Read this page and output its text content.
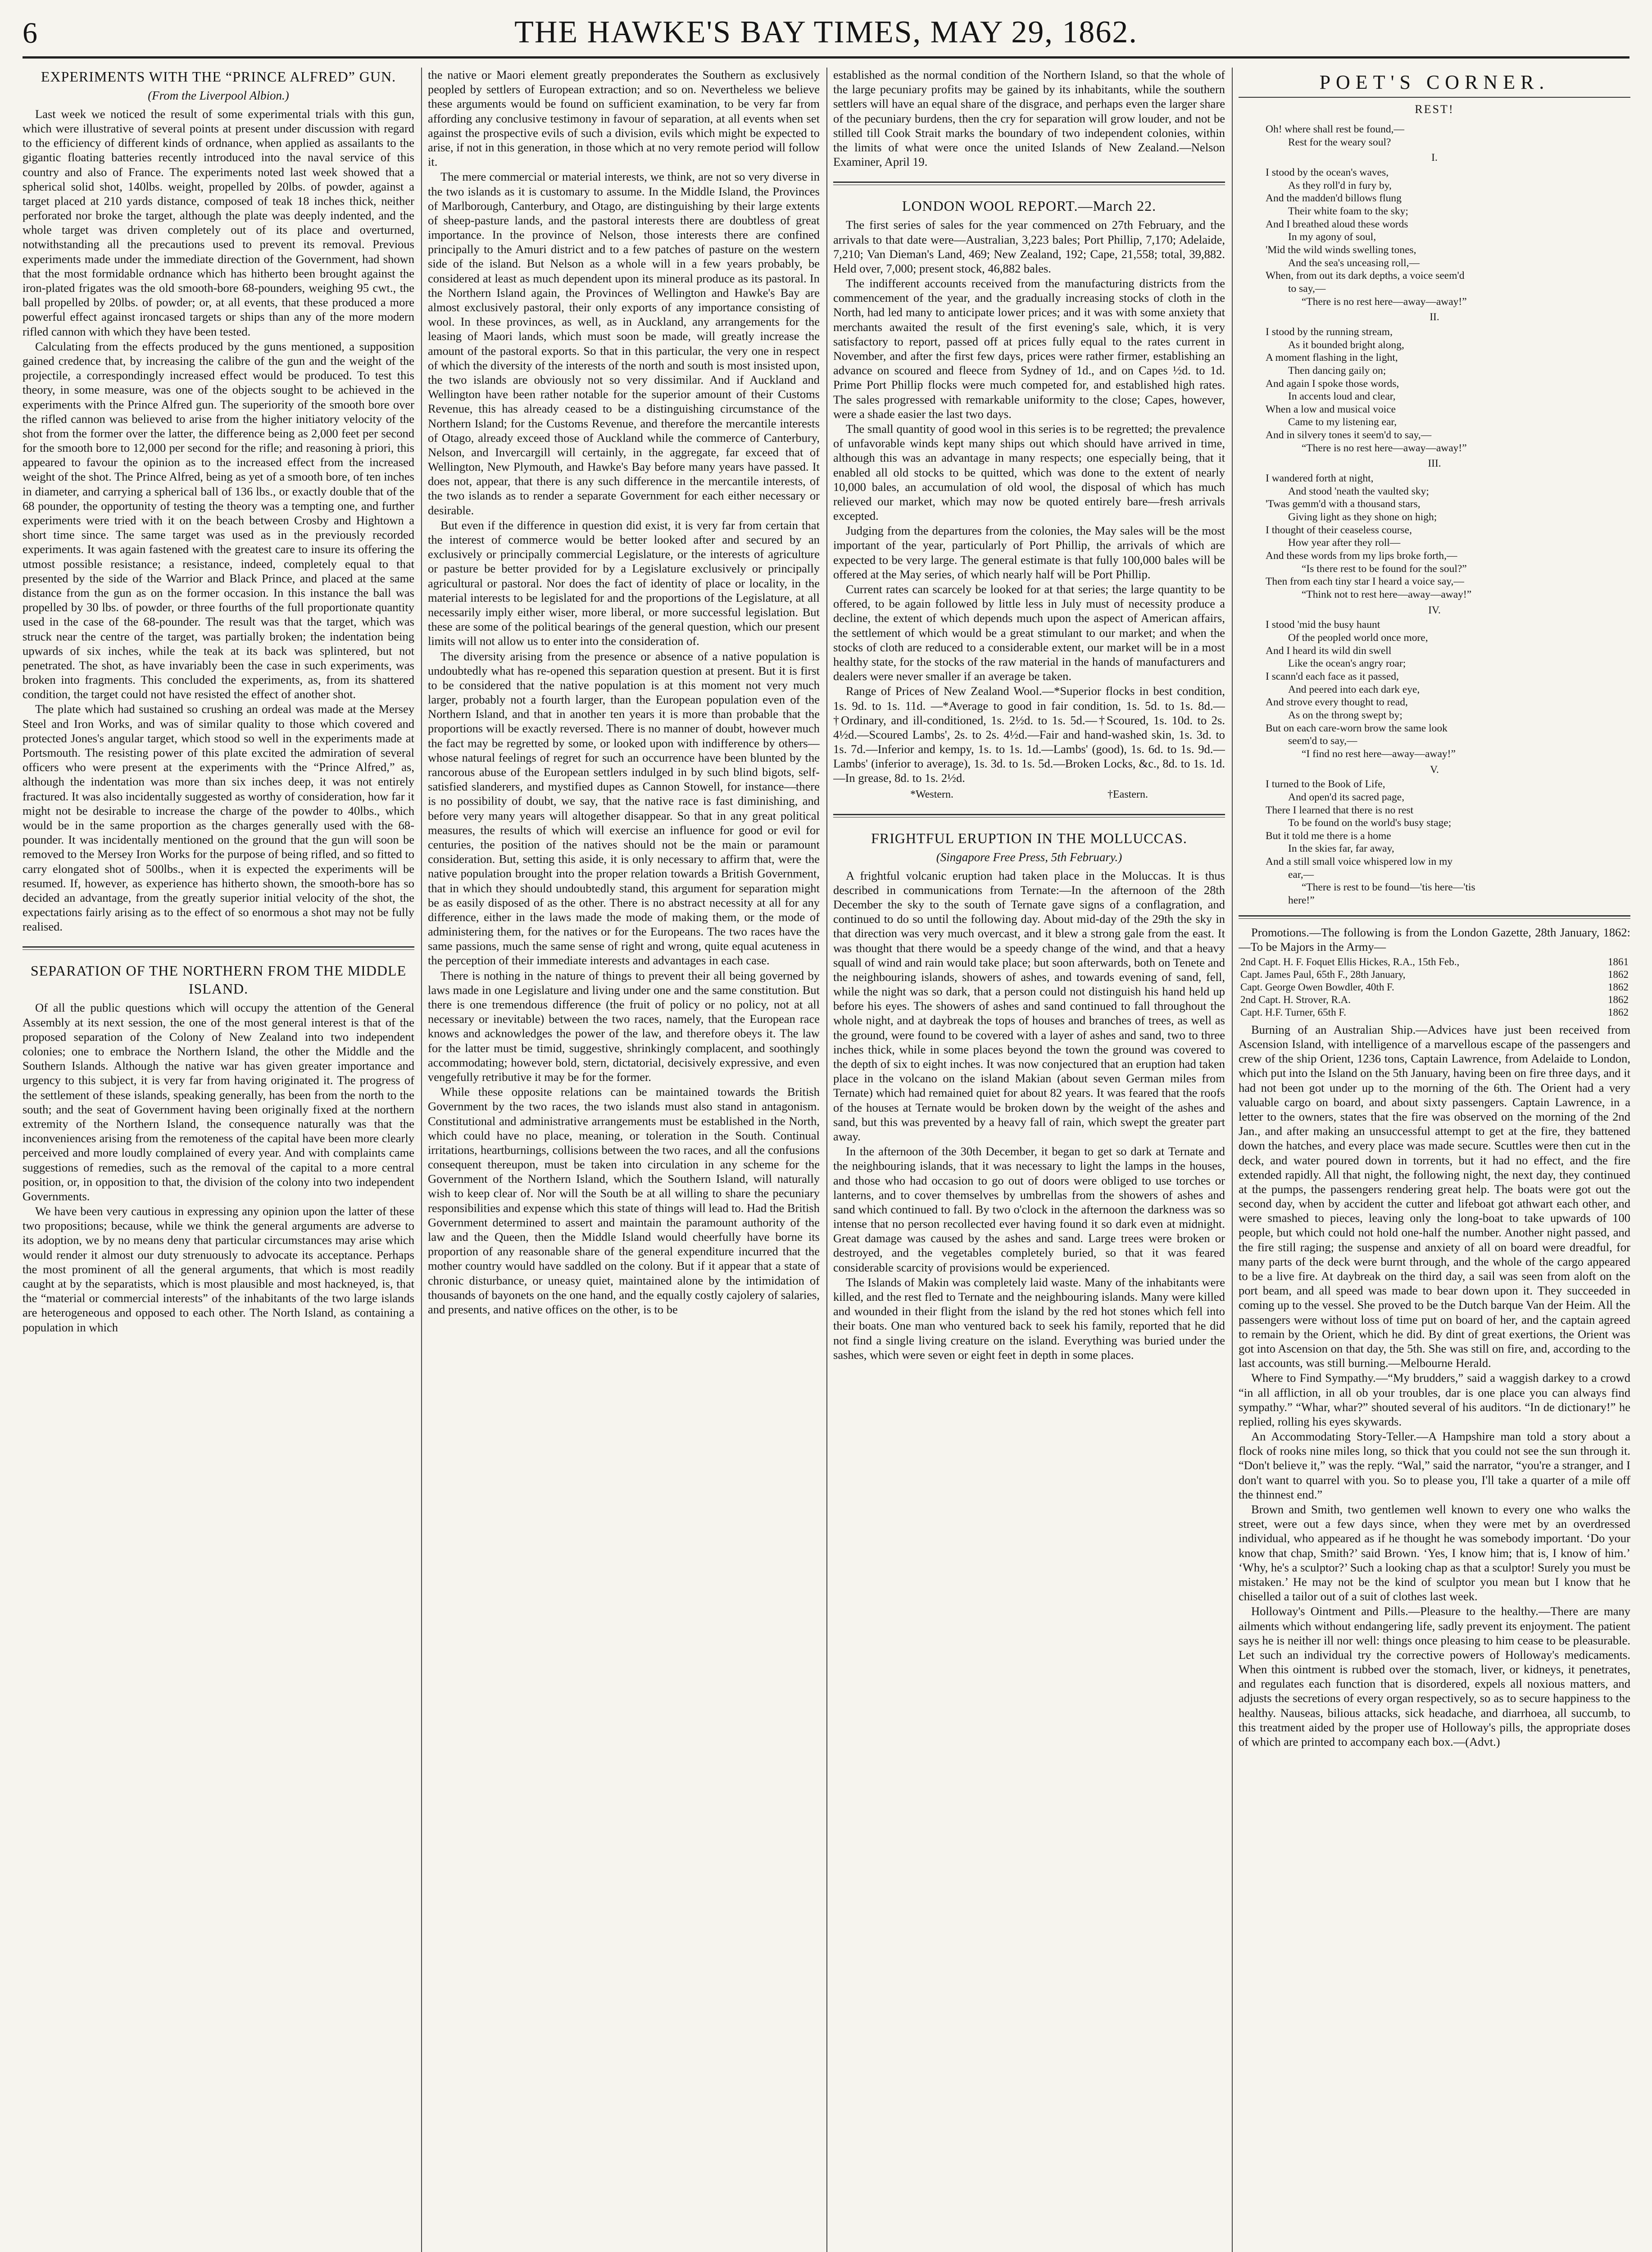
6	THE HAWKE'S BAY TIMES, MAY 29, 1862.
EXPERIMENTS WITH THE “PRINCE ALFRED” GUN.
(From the Liverpool Albion.)

Last week we noticed the result of some experimental trials with this gun, which were illustrative of several points at present under discussion with regard to the efficiency of different kinds of ordnance, when applied as assailants to the gigantic floating batteries recently introduced into the naval service of this country and also of France. The experiments noted last week showed that a spherical solid shot, 140lbs. weight, propelled by 20lbs. of powder, against a target placed at 210 yards distance, composed of teak 18 inches thick, neither perforated nor broke the target, although the plate was deeply indented, and the whole target was driven completely out of its place and overturned, notwithstanding all the precautions used to prevent its removal. Previous experiments made under the immediate direction of the Government, had shown that the most formidable ordnance which has hitherto been brought against the iron-plated frigates was the old smooth-bore 68-pounders, weighing 95 cwt., the ball propelled by 20lbs. of powder; or, at all events, that these produced a more powerful effect against ironcased targets or ships than any of the more modern rifled cannon with which they have been tested.

Calculating from the effects produced by the guns mentioned, a supposition gained credence that, by increasing the calibre of the gun and the weight of the projectile, a correspondingly increased effect would be produced. To test this theory, in some measure, was one of the objects sought to be achieved in the experiments with the Prince Alfred gun. The superiority of the smooth bore over the rifled cannon was believed to arise from the higher initiatory velocity of the shot from the former over the latter, the difference being as 2,000 feet per second for the smooth bore to 12,000 per second for the rifle; and reasoning à priori, this appeared to favour the opinion as to the increased effect from the increased weight of the shot. The Prince Alfred, being as yet of a smooth bore, of ten inches in diameter, and carrying a spherical ball of 136 lbs., or exactly double that of the 68 pounder, the opportunity of testing the theory was a tempting one, and further experiments were tried with it on the beach between Crosby and Hightown a short time since. The same target was used as in the previously recorded experiments. It was again fastened with the greatest care to insure its offering the utmost possible resistance; a resistance, indeed, completely equal to that presented by the side of the Warrior and Black Prince, and placed at the same distance from the gun as on the former occasion. In this instance the ball was propelled by 30 lbs. of powder, or three fourths of the full proportionate quantity used in the case of the 68-pounder. The result was that the target, which was struck near the centre of the target, was partially broken; the indentation being upwards of six inches, while the teak at its back was splintered, but not penetrated. The shot, as have invariably been the case in such experiments, was broken into fragments. This concluded the experiments, as, from its shattered condition, the target could not have resisted the effect of another shot.

The plate which had sustained so crushing an ordeal was made at the Mersey Steel and Iron Works, and was of similar quality to those which covered and protected Jones's angular target, which stood so well in the experiments made at Portsmouth. The resisting power of this plate excited the admiration of several officers who were present at the experiments with the “Prince Alfred,” as, although the indentation was more than six inches deep, it was not entirely fractured. It was also incidentally suggested as worthy of consideration, how far it might not be desirable to increase the charge of the powder to 40lbs., which would be in the same proportion as the charges generally used with the 68-pounder. It was incidentally mentioned on the ground that the gun will soon be removed to the Mersey Iron Works for the purpose of being rifled, and so fitted to carry elongated shot of 500lbs., when it is expected the experiments will be resumed. If, however, as experience has hitherto shown, the smooth-bore has so decided an advantage, from the greatly superior initial velocity of the shot, the expectations fairly arising as to the effect of so enormous a shot may not be fully realised.

SEPARATION OF THE NORTHERN FROM THE MIDDLE ISLAND.

Of all the public questions which will occupy the attention of the General Assembly at its next session, the one of the most general interest is that of the proposed separation of the Colony of New Zealand into two independent colonies; one to embrace the Northern Island, the other the Middle and the Southern Islands. Although the native war has given greater importance and urgency to this subject, it is very far from having originated it. The progress of the settlement of these islands, speaking generally, has been from the north to the south; and the seat of Government having been originally fixed at the northern extremity of the Northern Island, the consequence naturally was that the inconveniences arising from the remoteness of the capital have been more clearly perceived and more loudly complained of every year. And with complaints came suggestions of remedies, such as the removal of the capital to a more central position, or, in opposition to that, the division of the colony into two independent Governments.

We have been very cautious in expressing any opinion upon the latter of these two propositions; because, while we think the general arguments are adverse to its adoption, we by no means deny that particular circumstances may arise which would render it almost our duty strenuously to advocate its acceptance. Perhaps the most prominent of all the general arguments, that which is most readily caught at by the separatists, which is most plausible and most hackneyed, is, that the “material or commercial interests” of the inhabitants of the two large islands are heterogeneous and opposed to each other. The North Island, as containing a population in which

the native or Maori element greatly preponderates the Southern as exclusively peopled by settlers of European extraction; and so on. Nevertheless we believe these arguments would be found on sufficient examination, to be very far from affording any conclusive testimony in favour of separation, at all events when set against the prospective evils of such a division, evils which might be expected to arise, if not in this generation, in those which at no very remote period will follow it.

The mere commercial or material interests, we think, are not so very diverse in the two islands as it is customary to assume. In the Middle Island, the Provinces of Marlborough, Canterbury, and Otago, are distinguishing by their large extents of sheep-pasture lands, and the pastoral interests there are doubtless of great importance. In the province of Nelson, those interests there are confined principally to the Amuri district and to a few patches of pasture on the western side of the island. But Nelson as a whole will in a few years probably, be considered at least as much dependent upon its mineral produce as its pastoral. In the Northern Island again, the Provinces of Wellington and Hawke's Bay are almost exclusively pastoral, their only exports of any importance consisting of wool. In these provinces, as well, as in Auckland, any arrangements for the leasing of Maori lands, which must soon be made, will greatly increase the amount of the pastoral exports. So that in this particular, the very one in respect of which the diversity of the interests of the north and south is most insisted upon, the two islands are obviously not so very dissimilar. And if Auckland and Wellington have been rather notable for the superior amount of their Customs Revenue, this has already ceased to be a distinguishing circumstance of the Northern Island; for the Customs Revenue, and therefore the mercantile interests of Otago, already exceed those of Auckland while the commerce of Canterbury, Nelson, and Invercargill will certainly, in the aggregate, far exceed that of Wellington, New Plymouth, and Hawke's Bay before many years have passed. It does not, appear, that there is any such difference in the mercantile interests, of the two islands as to render a separate Government for each either necessary or desirable.

But even if the difference in question did exist, it is very far from certain that the interest of commerce would be better looked after and secured by an exclusively or principally commercial Legislature, or the interests of agriculture or pasture be better provided for by a Legislature exclusively or principally agricultural or pastoral. Nor does the fact of identity of place or locality, in the material interests to be legislated for and the proportions of the Legislature, at all necessarily imply either wiser, more liberal, or more successful legislation. But these are some of the political bearings of the general question, which our present limits will not allow us to enter into the consideration of.

The diversity arising from the presence or absence of a native population is undoubtedly what has re-opened this separation question at present. But it is first to be considered that the native population is at this moment not very much larger, probably not a fourth larger, than the European population even of the Northern Island, and that in another ten years it is more than probable that the proportions will be exactly reversed. There is no manner of doubt, however much the fact may be regretted by some, or looked upon with indifference by others—whose natural feelings of regret for such an occurrence have been blunted by the rancorous abuse of the European settlers indulged in by such blind bigots, self-satisfied slanderers, and mystified dupes as Cannon Stowell, for instance—there is no possibility of doubt, we say, that the native race is fast diminishing, and before very many years will altogether disappear. So that in any great political measures, the results of which will exercise an influence for good or evil for centuries, the position of the natives should not be the main or paramount consideration. But, setting this aside, it is only necessary to affirm that, were the native population brought into the proper relation towards a British Government, that in which they should undoubtedly stand, this argument for separation might be as easily disposed of as the other. There is no abstract necessity at all for any difference, either in the laws made the mode of making them, or the mode of administering them, for the natives or for the Europeans. The two races have the same passions, much the same sense of right and wrong, quite equal acuteness in the perception of their immediate interests and advantages in each case.

There is nothing in the nature of things to prevent their all being governed by laws made in one Legislature and living under one and the same constitution. But there is one tremendous difference (the fruit of policy or no policy, not at all necessary or inevitable) between the two races, namely, that the European race knows and acknowledges the power of the law, and therefore obeys it. The law for the latter must be timid, suggestive, shrinkingly complacent, and soothingly accommodating; however bold, stern, dictatorial, decisively expressive, and even vengefully retributive it may be for the former.

While these opposite relations can be maintained towards the British Government by the two races, the two islands must also stand in antagonism. Constitutional and administrative arrangements must be established in the North, which could have no place, meaning, or toleration in the South. Continual irritations, heartburnings, collisions between the two races, and all the confusions consequent thereupon, must be taken into circulation in any scheme for the Government of the Northern Island, which the Southern Island, will naturally wish to keep clear of. Nor will the South be at all willing to share the pecuniary responsibilities and expense which this state of things will lead to. Had the British Government determined to assert and maintain the paramount authority of the law and the Queen, then the Middle Island would cheerfully have borne its proportion of any reasonable share of the general expenditure incurred that the mother country would have saddled on the colony. But if it appear that a state of chronic disturbance, or uneasy quiet, maintained alone by the intimidation of thousands of bayonets on the one hand, and the equally costly cajolery of salaries, and presents, and native offices on the other, is to be

established as the normal condition of the Northern Island, so that the whole of the large pecuniary profits may be gained by its inhabitants, while the southern settlers will have an equal share of the disgrace, and perhaps even the larger share of the pecuniary burdens, then the cry for separation will grow louder, and not be stilled till Cook Strait marks the boundary of two independent colonies, within the limits of what were once the united Islands of New Zealand.—Nelson Examiner, April 19.

LONDON WOOL REPORT.—March 22.

The first series of sales for the year commenced on 27th February, and the arrivals to that date were—Australian, 3,223 bales; Port Phillip, 7,170; Adelaide, 7,210; Van Dieman's Land, 469; New Zealand, 192; Cape, 21,558; total, 39,882. Held over, 7,000; present stock, 46,882 bales.

The indifferent accounts received from the manufacturing districts from the commencement of the year, and the gradually increasing stocks of cloth in the North, had led many to anticipate lower prices; and it was with some anxiety that merchants awaited the result of the first evening's sale, which, it is very satisfactory to report, passed off at prices fully equal to the rates current in November, and after the first few days, prices were rather firmer, establishing an advance on scoured and fleece from Sydney of 1d., and on Capes ½d. to 1d. Prime Port Phillip flocks were much competed for, and established high rates. The sales progressed with remarkable uniformity to the close; Capes, however, were a shade easier the last two days.

The small quantity of good wool in this series is to be regretted; the prevalence of unfavorable winds kept many ships out which should have arrived in time, although this was an advantage in many respects; one especially being, that it enabled all old stocks to be quitted, which was done to the extent of nearly 10,000 bales, an accumulation of old wool, the disposal of which has much relieved our market, which may now be quoted entirely bare—fresh arrivals excepted.

Judging from the departures from the colonies, the May sales will be the most important of the year, particularly of Port Phillip, the arrivals of which are expected to be very large. The general estimate is that fully 100,000 bales will be offered at the May series, of which nearly half will be Port Phillip.

Current rates can scarcely be looked for at that series; the large quantity to be offered, to be again followed by little less in July must of necessity produce a decline, the extent of which depends much upon the aspect of American affairs, the settlement of which would be a great stimulant to our market; and when the stocks of cloth are reduced to a considerable extent, our market will be in a most healthy state, for the stocks of the raw material in the hands of manufacturers and dealers were never smaller if an average be taken.

Range of Prices of New Zealand Wool.—*Superior flocks in best condition, 1s. 9d. to 1s. 11d. —*Average to good in fair condition, 1s. 5d. to 1s. 8d.—†Ordinary, and ill-conditioned, 1s. 2½d. to 1s. 5d.—†Scoured, 1s. 10d. to 2s. 4½d.—Scoured Lambs', 2s. to 2s. 4½d.—Fair and hand-washed skin, 1s. 3d. to 1s. 7d.—Inferior and kempy, 1s. to 1s. 1d.—Lambs' (good), 1s. 6d. to 1s. 9d.—Lambs' (inferior to average), 1s. 3d. to 1s. 5d.—Broken Locks, &c., 8d. to 1s. 1d.—In grease, 8d. to 1s. 2½d.

*Western.	†Eastern.
FRIGHTFUL ERUPTION IN THE MOLLUCCAS.
(Singapore Free Press, 5th February.)

A frightful volcanic eruption had taken place in the Moluccas. It is thus described in communications from Ternate:—In the afternoon of the 28th December the sky to the south of Ternate gave signs of a conflagration, and continued to do so until the following day. About mid-day of the 29th the sky in that direction was very much overcast, and it blew a strong gale from the east. It was thought that there would be a speedy change of the wind, and that a heavy squall of wind and rain would take place; but soon afterwards, both on Tenete and the neighbouring islands, showers of ashes, and towards evening of sand, fell, while the night was so dark, that a person could not distinguish his hand held up before his eyes. The showers of ashes and sand continued to fall throughout the whole night, and at daybreak the tops of houses and branches of trees, as well as the ground, were found to be covered with a layer of ashes and sand, two to three inches thick, while in some places beyond the town the ground was covered to the depth of six to eight inches. It was now conjectured that an eruption had taken place in the volcano on the island Makian (about seven German miles from Ternate) which had remained quiet for about 82 years. It was feared that the roofs of the houses at Ternate would be broken down by the weight of the ashes and sand, but this was prevented by a heavy fall of rain, which swept the greater part away.

In the afternoon of the 30th December, it began to get so dark at Ternate and the neighbouring islands, that it was necessary to light the lamps in the houses, and those who had occasion to go out of doors were obliged to use torches or lanterns, and to cover themselves by umbrellas from the showers of ashes and sand which continued to fall. By two o'clock in the afternoon the darkness was so intense that no person recollected ever having found it so dark even at midnight. Great damage was caused by the ashes and sand. Large trees were broken or destroyed, and the vegetables completely buried, so that it was feared considerable scarcity of provisions would be experienced.

The Islands of Makin was completely laid waste. Many of the inhabitants were killed, and the rest fled to Ternate and the neighbouring islands. Many were killed and wounded in their flight from the island by the red hot stones which fell into their boats. One man who ventured back to seek his family, reported that he did not find a single living creature on the island. Everything was buried under the sashes, which were seven or eight feet in depth in some places.

POET'S CORNER.
REST!
Oh! where shall rest be found,—
Rest for the weary soul?
I.
I stood by the ocean's waves,
As they roll'd in fury by,
And the madden'd billows flung
Their white foam to the sky;
And I breathed aloud these words
In my agony of soul,
'Mid the wild winds swelling tones,
And the sea's unceasing roll,—
When, from out its dark depths, a voice seem'd
to say,—
“There is no rest here—away—away!”
II.
I stood by the running stream,
As it bounded bright along,
A moment flashing in the light,
Then dancing gaily on;
And again I spoke those words,
In accents loud and clear,
When a low and musical voice
Came to my listening ear,
And in silvery tones it seem'd to say,—
“There is no rest here—away—away!”
III.
I wandered forth at night,
And stood 'neath the vaulted sky;
'Twas gemm'd with a thousand stars,
Giving light as they shone on high;
I thought of their ceaseless course,
How year after they roll—
And these words from my lips broke forth,—
“Is there rest to be found for the soul?”
Then from each tiny star I heard a voice say,—
“Think not to rest here—away—away!”
IV.
I stood 'mid the busy haunt
Of the peopled world once more,
And I heard its wild din swell
Like the ocean's angry roar;
I scann'd each face as it passed,
And peered into each dark eye,
And strove every thought to read,
As on the throng swept by;
But on each care-worn brow the same look
seem'd to say,—
“I find no rest here—away—away!”
V.
I turned to the Book of Life,
And open'd its sacred page,
There I learned that there is no rest
To be found on the world's busy stage;
But it told me there is a home
In the skies far, far away,
And a still small voice whispered low in my
ear,—
“There is rest to be found—'tis here—'tis
here!”

Promotions.—The following is from the London Gazette, 28th January, 1862:—To be Majors in the Army—

2nd Capt. H. F. Foquet Ellis Hickes, R.A., 15th Feb.,	1861
Capt. James Paul, 65th F., 28th January,	1862
Capt. George Owen Bowdler, 40th F.	1862
2nd Capt. H. Strover, R.A.	1862
Capt. H.F. Turner, 65th F.	1862

Burning of an Australian Ship.—Advices have just been received from Ascension Island, with intelligence of a marvellous escape of the passengers and crew of the ship Orient, 1236 tons, Captain Lawrence, from Adelaide to London, which put into the Island on the 5th January, having been on fire three days, and it had not been got under up to the morning of the 6th. The Orient had a very valuable cargo on board, and about sixty passengers. Captain Lawrence, in a letter to the owners, states that the fire was observed on the morning of the 2nd Jan., and after making an unsuccessful attempt to get at the fire, they battened down the hatches, and every place was made secure. Scuttles were then cut in the deck, and water poured down in torrents, but it had no effect, and the fire extended rapidly. All that night, the following night, the next day, they continued at the pumps, the passengers rendering great help. The boats were got out the second day, when by accident the cutter and lifeboat got athwart each other, and were smashed to pieces, leaving only the long-boat to take upwards of 100 people, but which could not hold one-half the number. Another night passed, and the fire still raging; the suspense and anxiety of all on board were dreadful, for many parts of the deck were burnt through, and the whole of the cargo appeared to be a live fire. At daybreak on the third day, a sail was seen from aloft on the port beam, and all speed was made to bear down upon it. They succeeded in coming up to the vessel. She proved to be the Dutch barque Van der Heim. All the passengers were without loss of time put on board of her, and the captain agreed to remain by the Orient, which he did. By dint of great exertions, the Orient was got into Ascension on that day, the 5th. She was still on fire, and, according to the last accounts, was still burning.—Melbourne Herald.

Where to Find Sympathy.—“My brudders,” said a waggish darkey to a crowd “in all affliction, in all ob your troubles, dar is one place you can always find sympathy.” “Whar, whar?” shouted several of his auditors. “In de dictionary!” he replied, rolling his eyes skywards.

An Accommodating Story-Teller.—A Hampshire man told a story about a flock of rooks nine miles long, so thick that you could not see the sun through it. “Don't believe it,” was the reply. “Wal,” said the narrator, “you're a stranger, and I don't want to quarrel with you. So to please you, I'll take a quarter of a mile off the thinnest end.”

Brown and Smith, two gentlemen well known to every one who walks the street, were out a few days since, when they were met by an overdressed individual, who appeared as if he thought he was somebody important. ‘Do your know that chap, Smith?’ said Brown. ‘Yes, I know him; that is, I know of him.’ ‘Why, he's a sculptor?’ Such a looking chap as that a sculptor! Surely you must be mistaken.’ He may not be the kind of sculptor you mean but I know that he chiselled a tailor out of a suit of clothes last week.

Holloway's Ointment and Pills.—Pleasure to the healthy.—There are many ailments which without endangering life, sadly prevent its enjoyment. The patient says he is neither ill nor well: things once pleasing to him cease to be pleasurable. Let such an individual try the corrective powers of Holloway's medicaments. When this ointment is rubbed over the stomach, liver, or kidneys, it penetrates, and regulates each function that is disordered, expels all noxious matters, and adjusts the secretions of every organ respectively, so as to secure happiness to the healthy. Nauseas, bilious attacks, sick headache, and diarrhoea, all succumb, to this treatment aided by the proper use of Holloway's pills, the appropriate doses of which are printed to accompany each box.—(Advt.)
